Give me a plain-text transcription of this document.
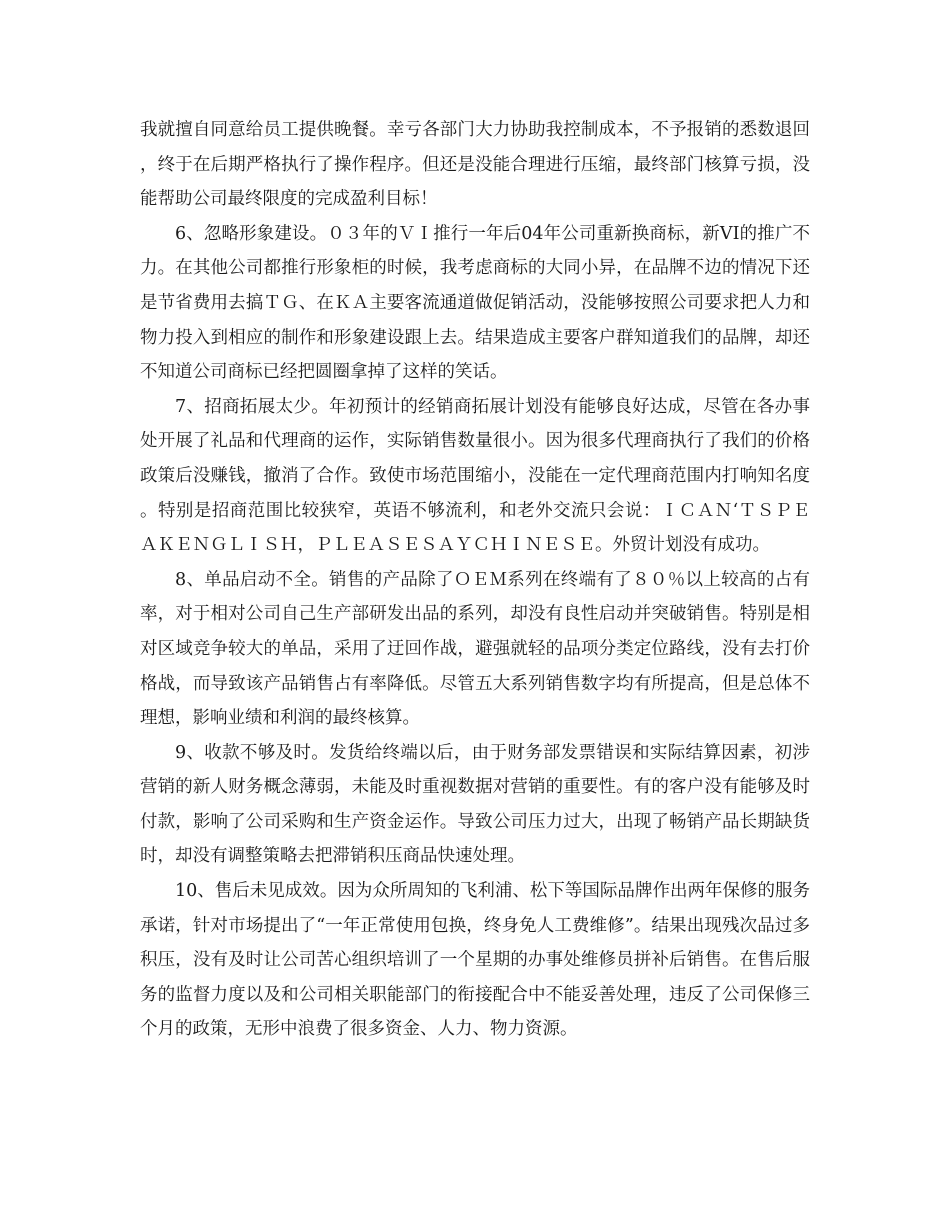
我就擅自同意给员工提供晚餐。幸亏各部门大力协助我控制成本，不予报销的悉数退回，终于在后期严格执行了操作程序。但还是没能合理进行压缩，最终部门核算亏损，没能帮助公司最终限度的完成盈利目标！

6、忽略形象建设。０３年的ＶＩ推行一年后04年公司重新换商标，新VI的推广不力。在其他公司都推行形象柜的时候，我考虑商标的大同小异，在品牌不边的情况下还是节省费用去搞ＴＧ、在ＫＡ主要客流通道做促销活动，没能够按照公司要求把人力和物力投入到相应的制作和形象建设跟上去。结果造成主要客户群知道我们的品牌，却还不知道公司商标已经把圆圈拿掉了这样的笑话。

7、招商拓展太少。年初预计的经销商拓展计划没有能够良好达成，尽管在各办事处开展了礼品和代理商的运作，实际销售数量很小。因为很多代理商执行了我们的价格政策后没赚钱，撤消了合作。致使市场范围缩小，没能在一定代理商范围内打响知名度。特别是招商范围比较狭窄，英语不够流利，和老外交流只会说：ＩＣＡＮ‘ＴＳＰＥＡＫＥＮＧＬＩＳＨ，ＰＬＥＡＳＥＳＡＹＣＨＩＮＥＳＥ。外贸计划没有成功。

8、单品启动不全。销售的产品除了ＯＥＭ系列在终端有了８０％以上较高的占有率，对于相对公司自己生产部研发出品的系列，却没有良性启动并突破销售。特别是相对区域竞争较大的单品，采用了迂回作战，避强就轻的品项分类定位路线，没有去打价格战，而导致该产品销售占有率降低。尽管五大系列销售数字均有所提高，但是总体不理想，影响业绩和利润的最终核算。

9、收款不够及时。发货给终端以后，由于财务部发票错误和实际结算因素，初涉营销的新人财务概念薄弱，未能及时重视数据对营销的重要性。有的客户没有能够及时付款，影响了公司采购和生产资金运作。导致公司压力过大，出现了畅销产品长期缺货时，却没有调整策略去把滞销积压商品快速处理。

10、售后未见成效。因为众所周知的飞利浦、松下等国际品牌作出两年保修的服务承诺，针对市场提出了“一年正常使用包换，终身免人工费维修”。结果出现残次品过多积压，没有及时让公司苦心组织培训了一个星期的办事处维修员拼补后销售。在售后服务的监督力度以及和公司相关职能部门的衔接配合中不能妥善处理，违反了公司保修三个月的政策，无形中浪费了很多资金、人力、物力资源。
